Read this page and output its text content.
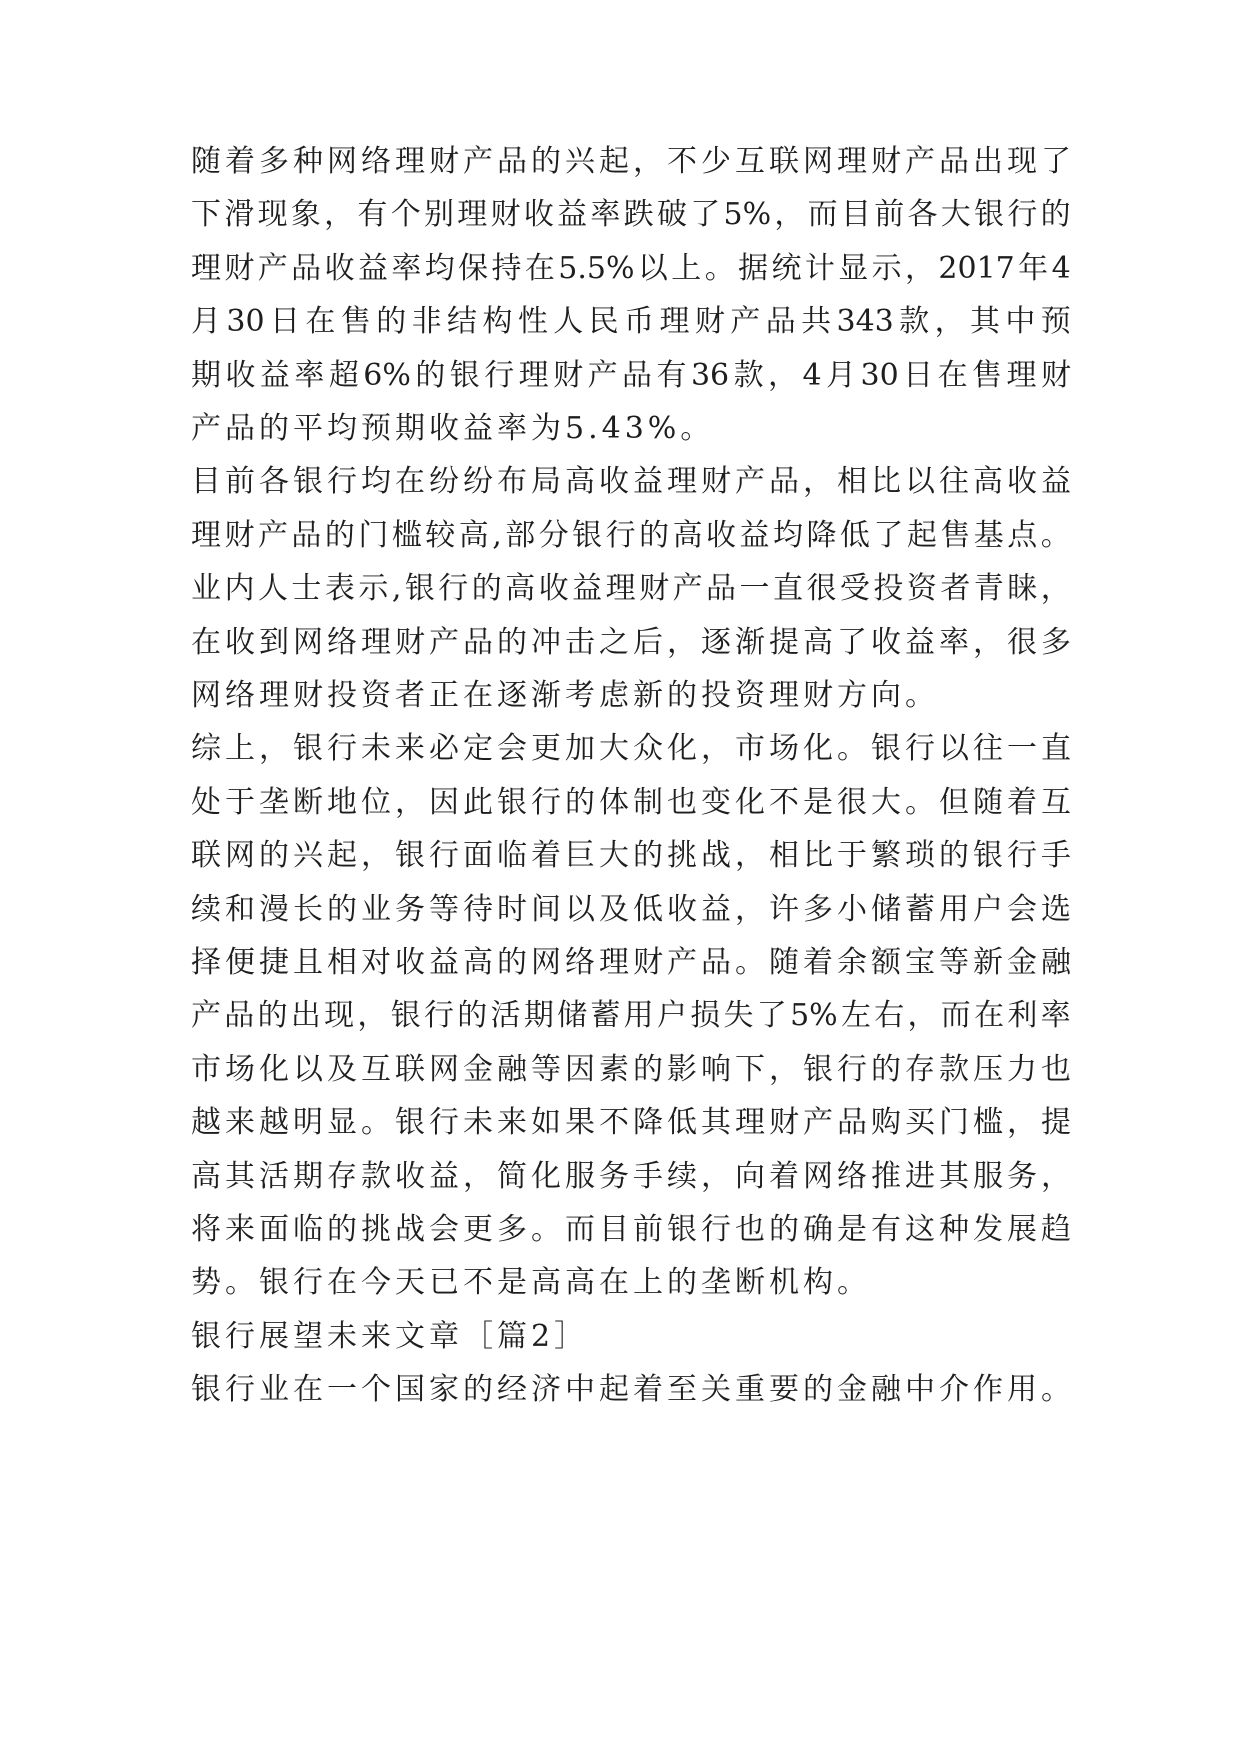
随 着 多 种 网 络 理 财 产 品 的 兴 起 ， 不 少 互 联 网 理 财 产 品 出 现 了
下 滑 现 象 ， 有 个 别 理 财 收 益 率 跌 破 了 5% ， 而 目 前 各 大 银 行 的
理 财 产 品 收 益 率 均 保 持 在 5.5% 以 上 。 据 统 计 显 示 ， 2017 年 4
月 30 日 在 售 的 非 结 构 性 人 民 币 理 财 产 品 共 343 款 ， 其 中 预
期 收 益 率 超 6% 的 银 行 理 财 产 品 有 36 款 ， 4 月 30 日 在 售 理 财
产品的平均预期收益率为5.43%。
目 前 各 银 行 均 在 纷 纷 布 局 高 收 益 理 财 产 品 ， 相 比 以 往 高 收 益
理 财 产 品 的 门 槛 较 高 , 部 分 银 行 的 高 收 益 均 降 低 了 起 售 基 点 。
业 内 人 士 表 示 , 银 行 的 高 收 益 理 财 产 品 一 直 很 受 投 资 者 青 睐 ，
在 收 到 网 络 理 财 产 品 的 冲 击 之 后 ， 逐 渐 提 高 了 收 益 率 ， 很 多
网络理财投资者正在逐渐考虑新的投资理财方向。
综 上 ， 银 行 未 来 必 定 会 更 加 大 众 化 ， 市 场 化 。 银 行 以 往 一 直
处 于 垄 断 地 位 ， 因 此 银 行 的 体 制 也 变 化 不 是 很 大 。 但 随 着 互
联 网 的 兴 起 ， 银 行 面 临 着 巨 大 的 挑 战 ， 相 比 于 繁 琐 的 银 行 手
续 和 漫 长 的 业 务 等 待 时 间 以 及 低 收 益 ， 许 多 小 储 蓄 用 户 会 选
择 便 捷 且 相 对 收 益 高 的 网 络 理 财 产 品 。 随 着 余 额 宝 等 新 金 融
产 品 的 出 现 ， 银 行 的 活 期 储 蓄 用 户 损 失 了 5% 左 右 ， 而 在 利 率
市 场 化 以 及 互 联 网 金 融 等 因 素 的 影 响 下 ， 银 行 的 存 款 压 力 也
越 来 越 明 显 。 银 行 未 来 如 果 不 降 低 其 理 财 产 品 购 买 门 槛 ， 提
高 其 活 期 存 款 收 益 ， 简 化 服 务 手 续 ， 向 着 网 络 推 进 其 服 务 ，
将 来 面 临 的 挑 战 会 更 多 。 而 目 前 银 行 也 的 确 是 有 这 种 发 展 趋
势。银行在今天已不是高高在上的垄断机构。
银行展望未来文章［篇2］
银 行 业 在 一 个 国 家 的 经 济 中 起 着 至 关 重 要 的 金 融 中 介 作 用 。
